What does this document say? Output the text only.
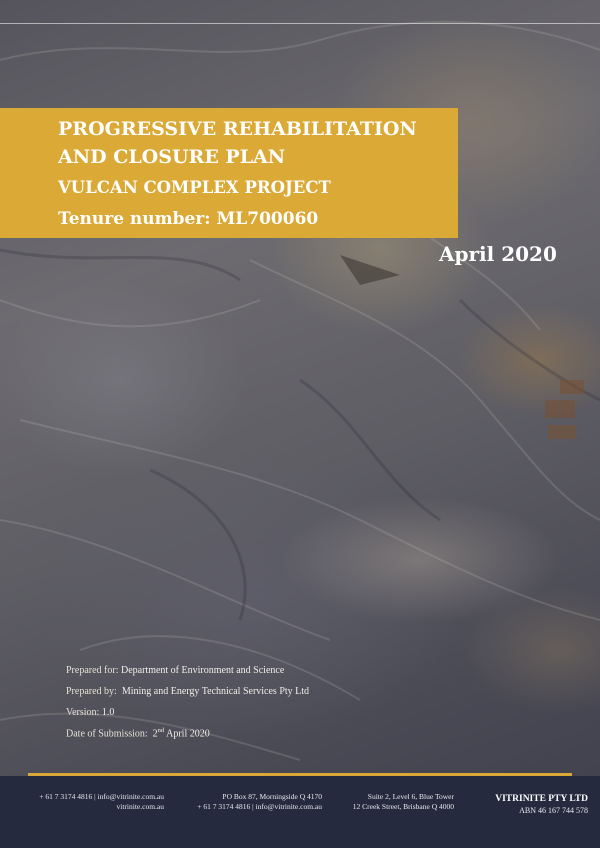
PROGRESSIVE REHABILITATION
AND CLOSURE PLAN
VULCAN COMPLEX PROJECT
Tenure number: ML700060
April 2020
Prepared for: Department of Environment and Science
Prepared by: Mining and Energy Technical Services Pty Ltd
Version: 1.0
Date of Submission: 2nd April 2020
+ 61 7 3174 4816 | info@vitrinite.com.au
vitrinite.com.au
PO Box 87, Morningside Q 4170
+ 61 7 3174 4816 | info@vitrinite.com.au
Suite 2, Level 6, Blue Tower
12 Creek Street, Brisbane Q 4000
VITRINITE PTY LTD
ABN 46 167 744 578
